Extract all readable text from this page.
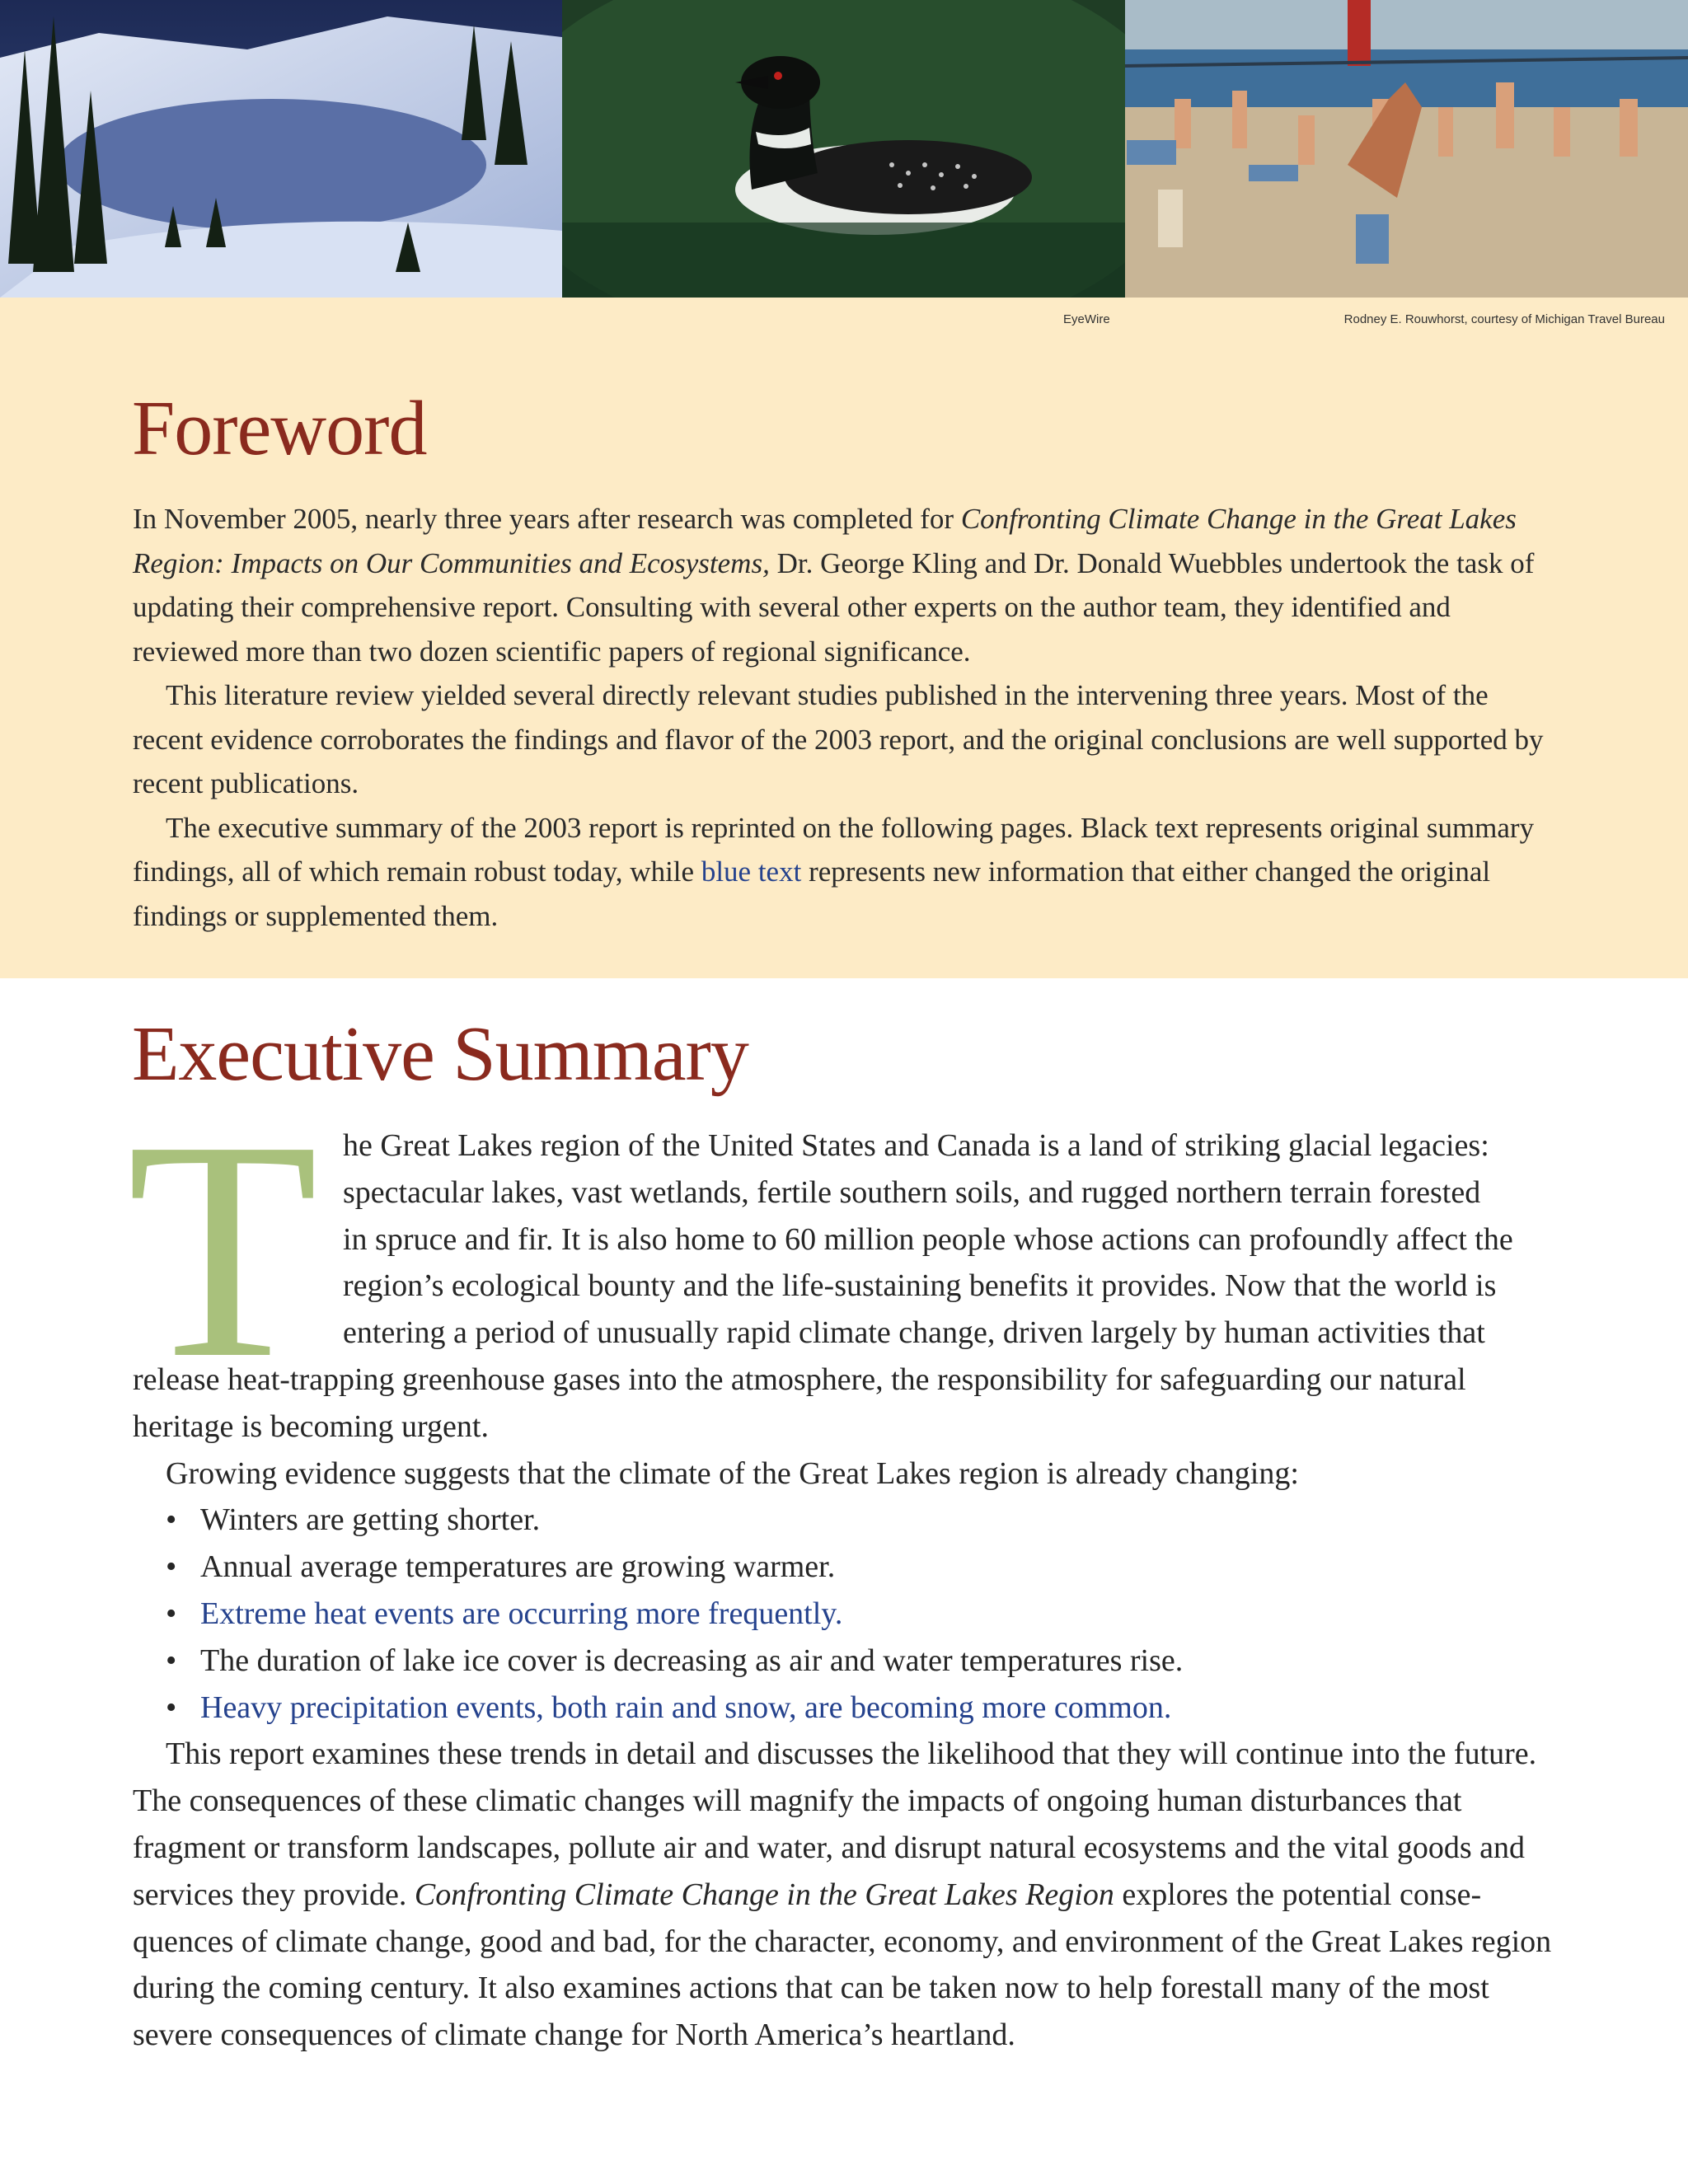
EyeWire	Rodney E. Rouwhorst, courtesy of Michigan Travel Bureau
Foreword

In November 2005, nearly three years after research was completed for Confronting Climate Change in the Great Lakes Region: Impacts on Our Communities and Ecosystems, Dr. George Kling and Dr. Donald Wuebbles undertook the task of updating their comprehensive report. Consulting with several other experts on the author team, they identified and reviewed more than two dozen scientific papers of regional significance.

This literature review yielded several directly relevant studies published in the intervening three years. Most of the recent evidence corroborates the findings and flavor of the 2003 report, and the original conclusions are well supported by recent publications.

The executive summary of the 2003 report is reprinted on the following pages. Black text represents original summary findings, all of which remain robust today, while blue text represents new information that either changed the original findings or supplemented them.

Executive Summary
T he Great Lakes region of the United States and Canada is a land of striking glacial legacies:
spectacular lakes, vast wetlands, fertile southern soils, and rugged northern terrain forested
in spruce and fir. It is also home to 60 million people whose actions can profoundly affect the
region’s ecological bounty and the life-sustaining benefits it provides. Now that the world is
entering a period of unusually rapid climate change, driven largely by human activities that

release heat-trapping greenhouse gases into the atmosphere, the responsibility for safeguarding our natural heritage is becoming urgent.

Growing evidence suggests that the climate of the Great Lakes region is already changing:

• Winters are getting shorter.
• Annual average temperatures are growing warmer.
• Extreme heat events are occurring more frequently.
• The duration of lake ice cover is decreasing as air and water temperatures rise.
• Heavy precipitation events, both rain and snow, are becoming more common.

This report examines these trends in detail and discusses the likelihood that they will continue into the future. The consequences of these climatic changes will magnify the impacts of ongoing human disturbances that fragment or transform landscapes, pollute air and water, and disrupt natural ecosystems and the vital goods and services they provide. Confronting Climate Change in the Great Lakes Region explores the potential conse-quences of climate change, good and bad, for the character, economy, and environment of the Great Lakes region during the coming century. It also examines actions that can be taken now to help forestall many of the most severe consequences of climate change for North America’s heartland.
